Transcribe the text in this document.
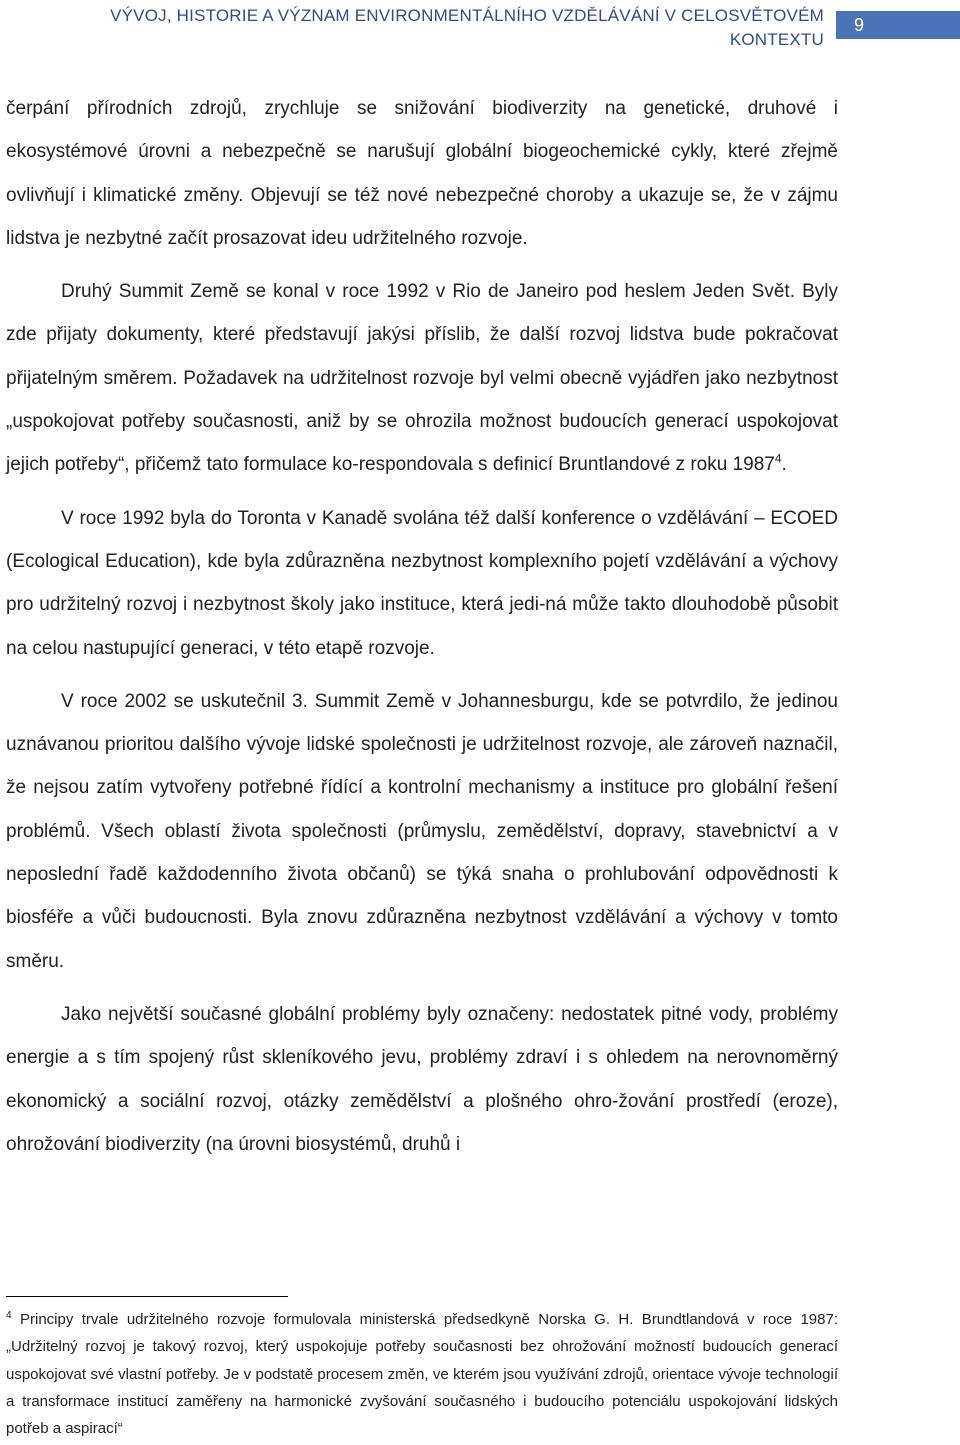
VÝVOJ, HISTORIE A VÝZNAM ENVIRONMENTÁLNÍHO VZDĚLÁVÁNÍ V CELOSVĚTOVÉM KONTEXTU
9

čerpání přírodních zdrojů, zrychluje se snižování biodiverzity na genetické, druhové i ekosystémové úrovni a nebezpečně se narušují globální biogeochemické cykly, které zřejmě ovlivňují i klimatické změny. Objevují se též nové nebezpečné choroby a ukazuje se, že v zájmu lidstva je nezbytné začít prosazovat ideu udržitelného rozvoje.

Druhý Summit Země se konal v roce 1992 v Rio de Janeiro pod heslem Jeden Svět. Byly zde přijaty dokumenty, které představují jakýsi příslib, že další rozvoj lidstva bude pokračovat přijatelným směrem. Požadavek na udržitelnost rozvoje byl velmi obecně vyjádřen jako nezbytnost „uspokojovat potřeby současnosti, aniž by se ohrozila možnost budoucích generací uspokojovat jejich potřeby“, přičemž tato formulace ko-respondovala s definicí Bruntlandové z roku 1987$^4$.

V roce 1992 byla do Toronta v Kanadě svolána též další konference o vzdělávání – ECOED (Ecological Education), kde byla zdůrazněna nezbytnost komplexního pojetí vzdělávání a výchovy pro udržitelný rozvoj i nezbytnost školy jako instituce, která jedi-ná může takto dlouhodobě působit na celou nastupující generaci, v této etapě rozvoje.

V roce 2002 se uskutečnil 3. Summit Země v Johannesburgu, kde se potvrdilo, že jedinou uznávanou prioritou dalšího vývoje lidské společnosti je udržitelnost rozvoje, ale zároveň naznačil, že nejsou zatím vytvořeny potřebné řídící a kontrolní mechanismy a instituce pro globální řešení problémů. Všech oblastí života společnosti (průmyslu, zemědělství, dopravy, stavebnictví a v neposlední řadě každodenního života občanů) se týká snaha o prohlubování odpovědnosti k biosféře a vůči budoucnosti. Byla znovu zdůrazněna nezbytnost vzdělávání a výchovy v tomto směru.

Jako největší současné globální problémy byly označeny: nedostatek pitné vody, problémy energie a s tím spojený růst skleníkového jevu, problémy zdraví i s ohledem na nerovnoměrný ekonomický a sociální rozvoj, otázky zemědělství a plošného ohro-žování prostředí (eroze), ohrožování biodiverzity (na úrovni biosystémů, druhů i

$^4$ Principy trvale udržitelného rozvoje formulovala ministerská předsedkyně Norska G. H. Brundtlandová v roce 1987: „Udržitelný rozvoj je takový rozvoj, který uspokojuje potřeby současnosti bez ohrožování možností budoucích generací uspokojovat své vlastní potřeby. Je v podstatě procesem změn, ve kterém jsou využívání zdrojů, orientace vývoje technologií a transformace institucí zaměřeny na harmonické zvyšování současného i budoucího potenciálu uspokojování lidských potřeb a aspirací“
